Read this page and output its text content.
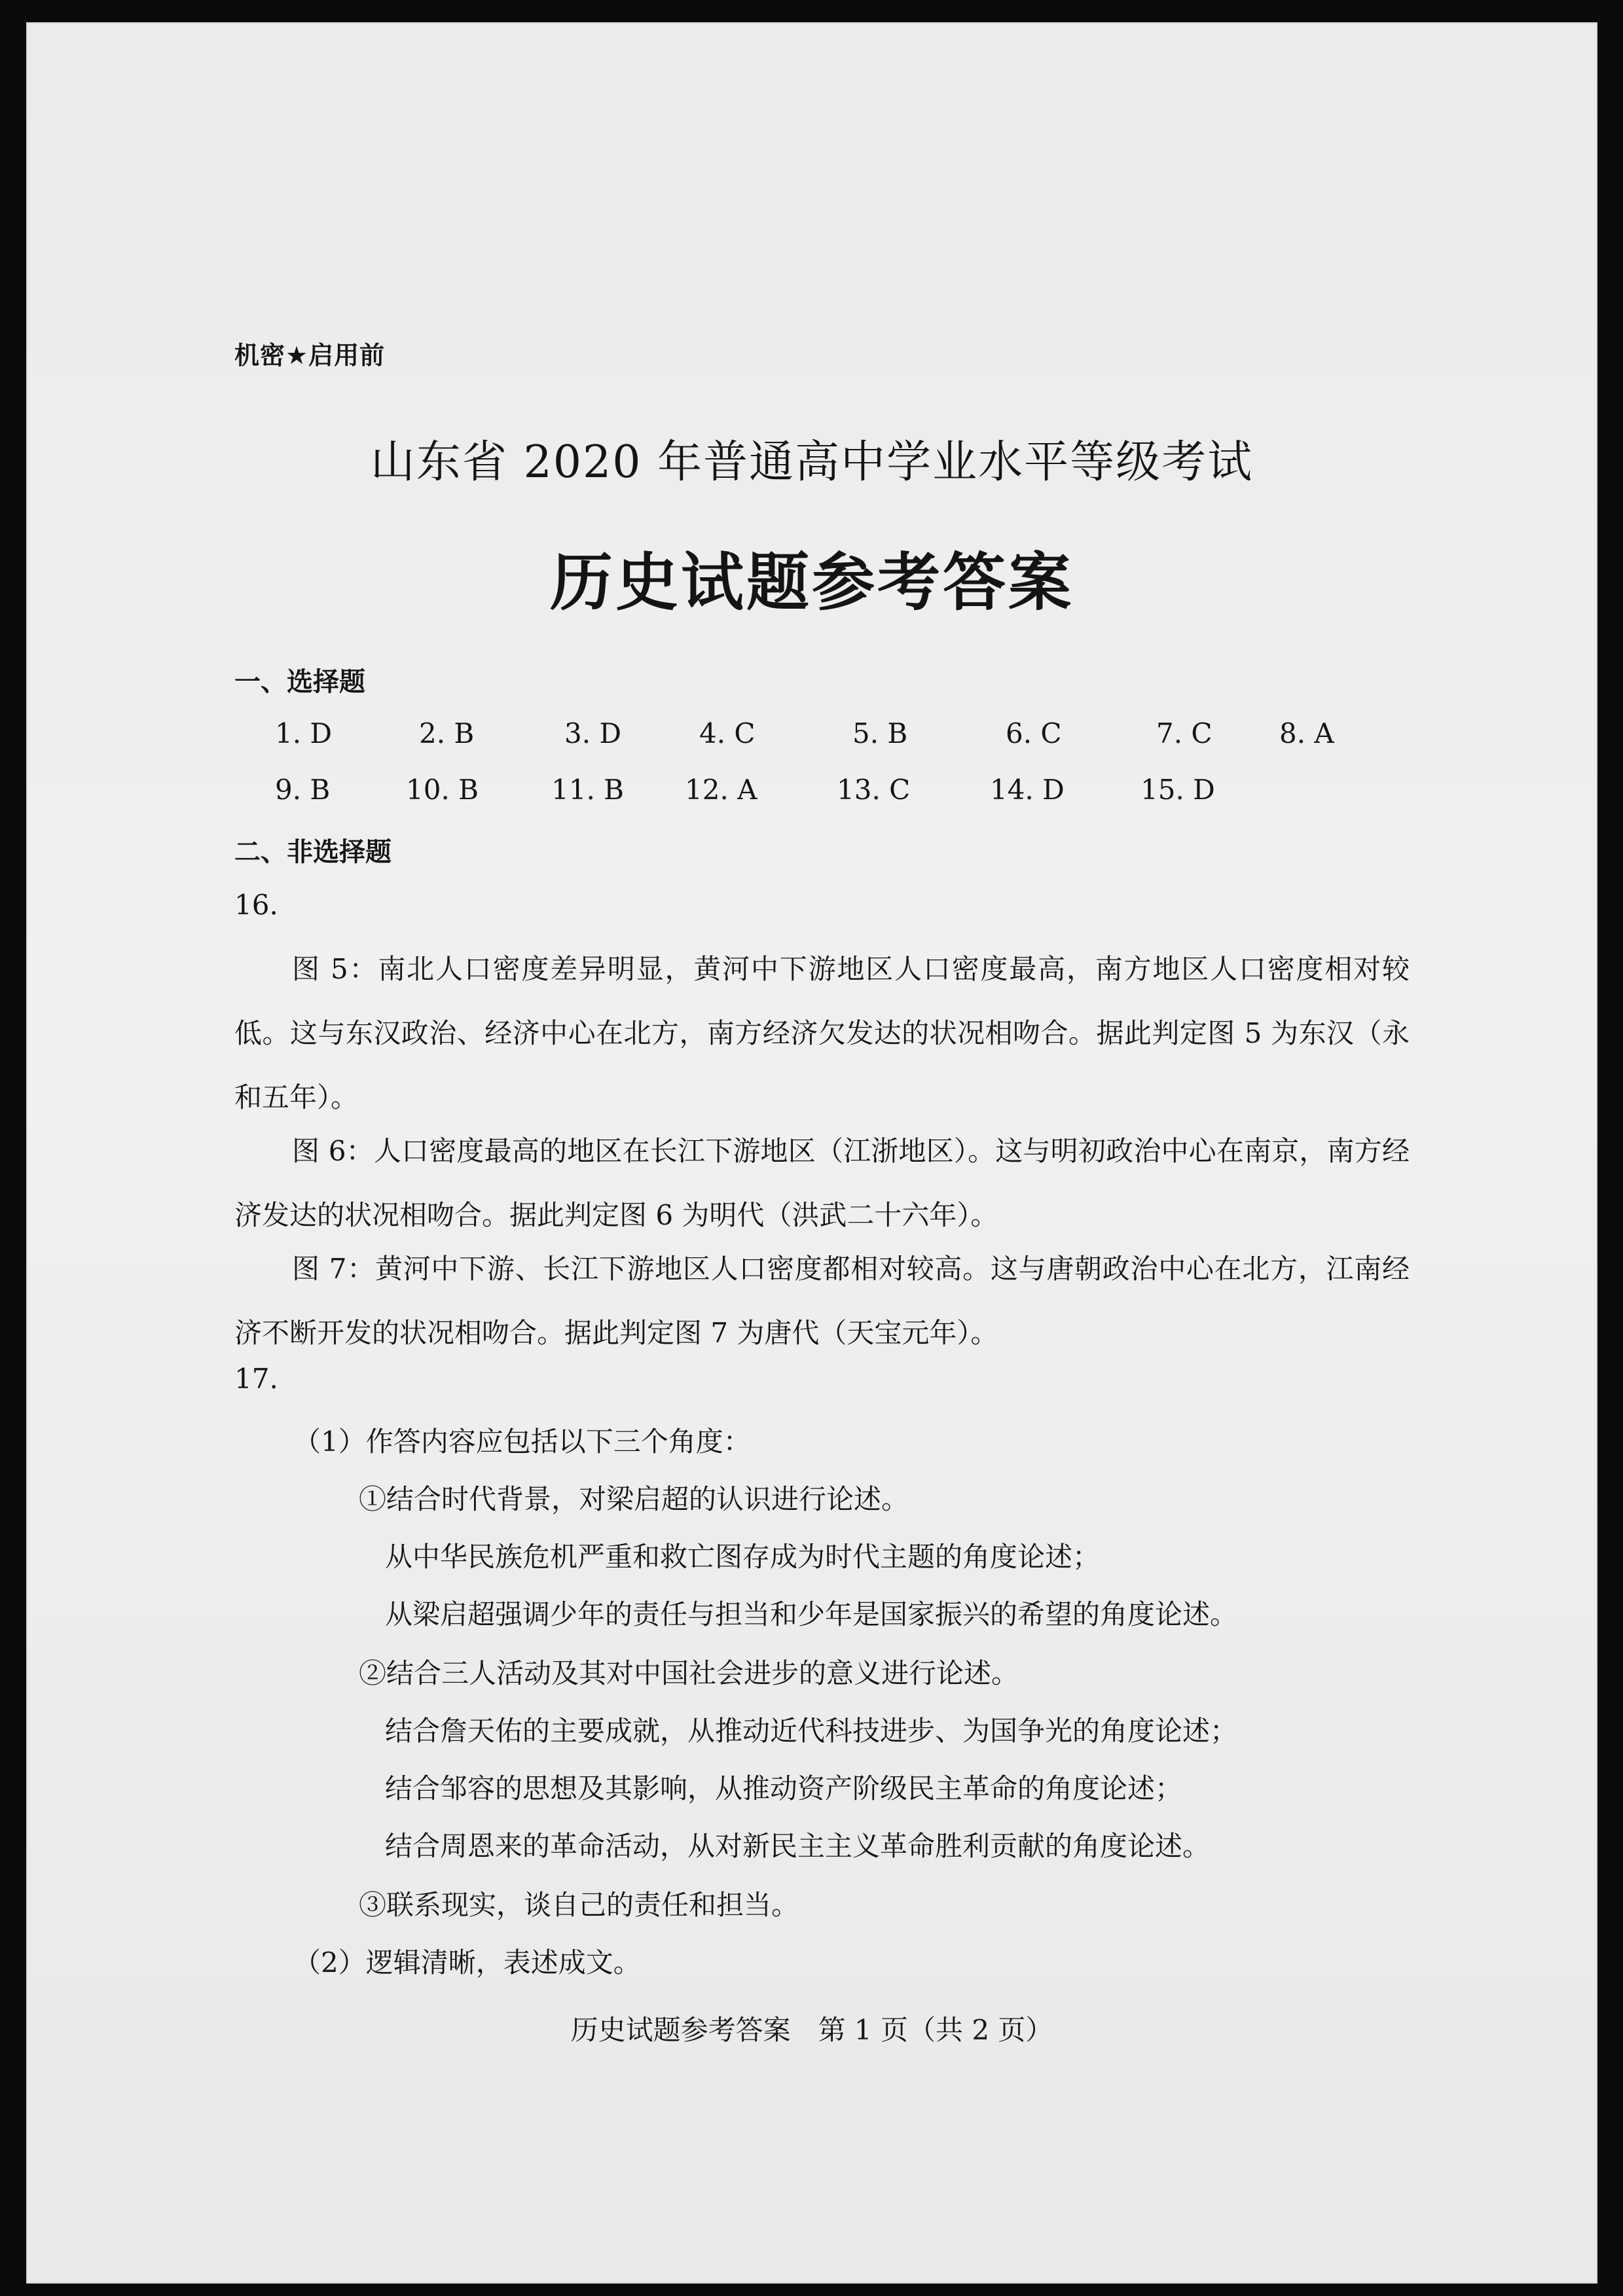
机密★启用前
山东省 2020 年普通高中学业水平等级考试
历史试题参考答案
一、选择题
1. D	2. B	3. D	4. C	5. B	6. C	7. C 8. A
9. B	10. B	11. B 12. A	13. C	14. D	15. D
二、非选择题
16.
图 5：南北人口密度差异明显，黄河中下游地区人口密度最高，南方地区人口密度相对较低。这与东汉政治、经济中心在北方，南方经济欠发达的状况相吻合。据此判定图 5 为东汉（永和五年）。
图 6：人口密度最高的地区在长江下游地区（江浙地区）。这与明初政治中心在南京，南方经济发达的状况相吻合。据此判定图 6 为明代（洪武二十六年）。
图 7：黄河中下游、长江下游地区人口密度都相对较高。这与唐朝政治中心在北方，江南经济不断开发的状况相吻合。据此判定图 7 为唐代（天宝元年）。
17.
（1）作答内容应包括以下三个角度：
①结合时代背景，对梁启超的认识进行论述。
从中华民族危机严重和救亡图存成为时代主题的角度论述；
从梁启超强调少年的责任与担当和少年是国家振兴的希望的角度论述。
②结合三人活动及其对中国社会进步的意义进行论述。
结合詹天佑的主要成就，从推动近代科技进步、为国争光的角度论述；
结合邹容的思想及其影响，从推动资产阶级民主革命的角度论述；
结合周恩来的革命活动，从对新民主主义革命胜利贡献的角度论述。
③联系现实，谈自己的责任和担当。
（2）逻辑清晰，表述成文。
历史试题参考答案　第 1 页（共 2 页）
